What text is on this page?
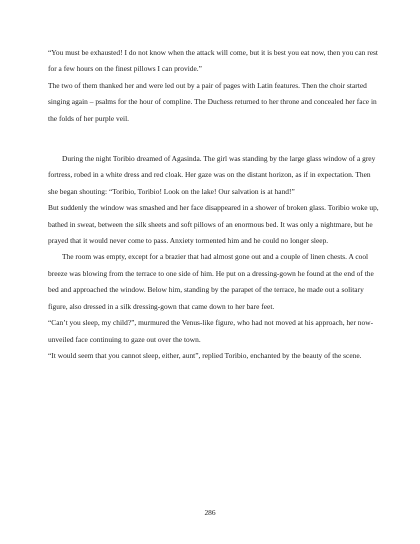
“You must be exhausted! I do not know when the attack will come, but it is best you eat now, then you can rest for a few hours on the finest pillows I can provide.”

The two of them thanked her and were led out by a pair of pages with Latin features. Then the choir started singing again – psalms for the hour of compline. The Duchess returned to her throne and concealed her face in the folds of her purple veil.

During the night Toribio dreamed of Agasinda. The girl was standing by the large glass window of a grey fortress, robed in a white dress and red cloak. Her gaze was on the distant horizon, as if in expectation. Then she began shouting: “Toribio, Toribio! Look on the lake! Our salvation is at hand!”

But suddenly the window was smashed and her face disappeared in a shower of broken glass. Toribio woke up, bathed in sweat, between the silk sheets and soft pillows of an enormous bed. It was only a nightmare, but he prayed that it would never come to pass. Anxiety tormented him and he could no longer sleep.

The room was empty, except for a brazier that had almost gone out and a couple of linen chests. A cool breeze was blowing from the terrace to one side of him. He put on a dressing-gown he found at the end of the bed and approached the window. Below him, standing by the parapet of the terrace, he made out a solitary figure, also dressed in a silk dressing-gown that came down to her bare feet.

“Can’t you sleep, my child?”, murmured the Venus-like figure, who had not moved at his approach, her now-unveiled face continuing to gaze out over the town.

“It would seem that you cannot sleep, either, aunt”, replied Toribio, enchanted by the beauty of the scene.

286
